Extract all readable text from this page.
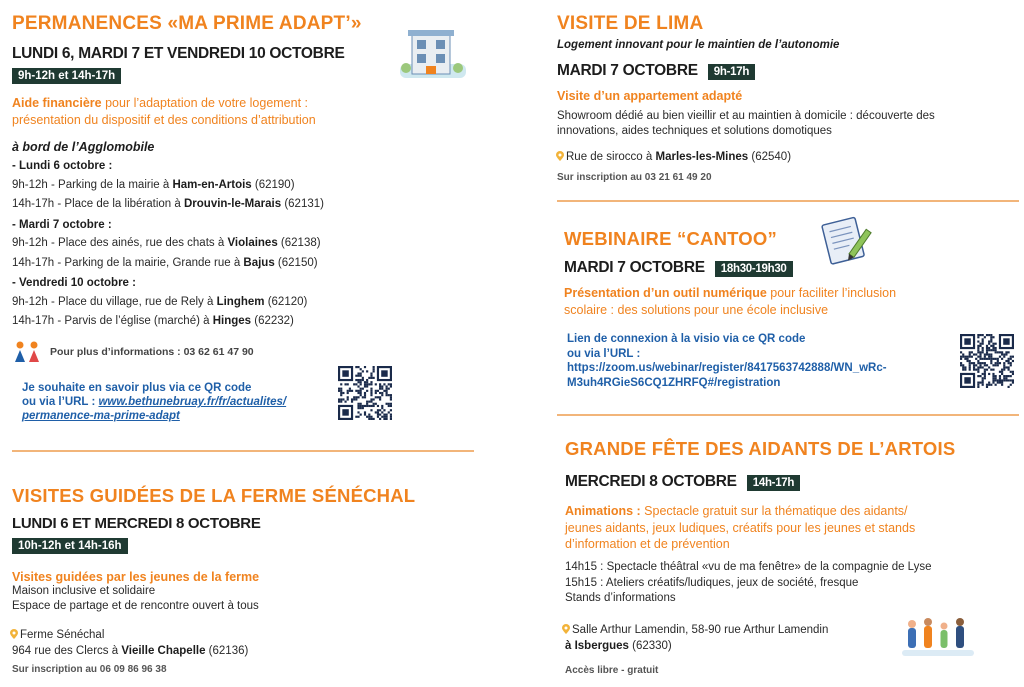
PERMANENCES «MA PRIME ADAPT’»
LUNDI 6, MARDI 7 ET VENDREDI 10 OCTOBRE
9h-12h et 14h-17h
Aide financière pour l’adaptation de votre logement :
présentation du dispositif et des conditions d’attribution
à bord de l’Agglomobile
- Lundi 6 octobre :
9h-12h - Parking de la mairie à Ham-en-Artois (62190)
14h-17h - Place de la libération à Drouvin-le-Marais (62131)
- Mardi 7 octobre :
9h-12h - Place des ainés, rue des chats à Violaines (62138)
14h-17h - Parking de la mairie, Grande rue à Bajus (62150)
- Vendredi 10 octobre :
9h-12h - Place du village, rue de Rely à Linghem (62120)
14h-17h - Parvis de l’église (marché) à Hinges (62232)
Pour plus d’informations : 03 62 61 47 90
Je souhaite en savoir plus via ce QR code
ou via l’URL : www.bethunebruay.fr/fr/actualites/
permanence-ma-prime-adapt
VISITES GUIDÉES DE LA FERME SÉNÉCHAL
LUNDI 6 ET MERCREDI 8 OCTOBRE
10h-12h et 14h-16h
Visites guidées par les jeunes de la ferme
Maison inclusive et solidaire
Espace de partage et de rencontre ouvert à tous
Ferme Sénéchal
964 rue des Clercs à Vieille Chapelle (62136)
Sur inscription au 06 09 86 96 38
VISITE DE LIMA
Logement innovant pour le maintien de l’autonomie
MARDI 7 OCTOBRE 9h-17h
Visite d’un appartement adapté
Showroom dédié au bien vieillir et au maintien à domicile : découverte des
innovations, aides techniques et solutions domotiques
Rue de sirocco à Marles-les-Mines (62540)
Sur inscription au 03 21 61 49 20
WEBINAIRE “CANTOO”
MARDI 7 OCTOBRE 18h30-19h30
Présentation d’un outil numérique pour faciliter l’inclusion
scolaire : des solutions pour une école inclusive
Lien de connexion à la visio via ce QR code
ou via l’URL :
https://zoom.us/webinar/register/8417563742888/WN_wRc-
M3uh4RGieS6CQ1ZHRFQ#/registration
GRANDE FÊTE DES AIDANTS DE L’ARTOIS
MERCREDI 8 OCTOBRE 14h-17h
Animations : Spectacle gratuit sur la thématique des aidants/
jeunes aidants, jeux ludiques, créatifs pour les jeunes et stands
d’information et de prévention
14h15 : Spectacle théâtral «vu de ma fenêtre» de la compagnie de Lyse
15h15 : Ateliers créatifs/ludiques, jeux de société, fresque
Stands d’informations
Salle Arthur Lamendin, 58-90 rue Arthur Lamendin
à Isbergues (62330)
Accès libre - gratuit
